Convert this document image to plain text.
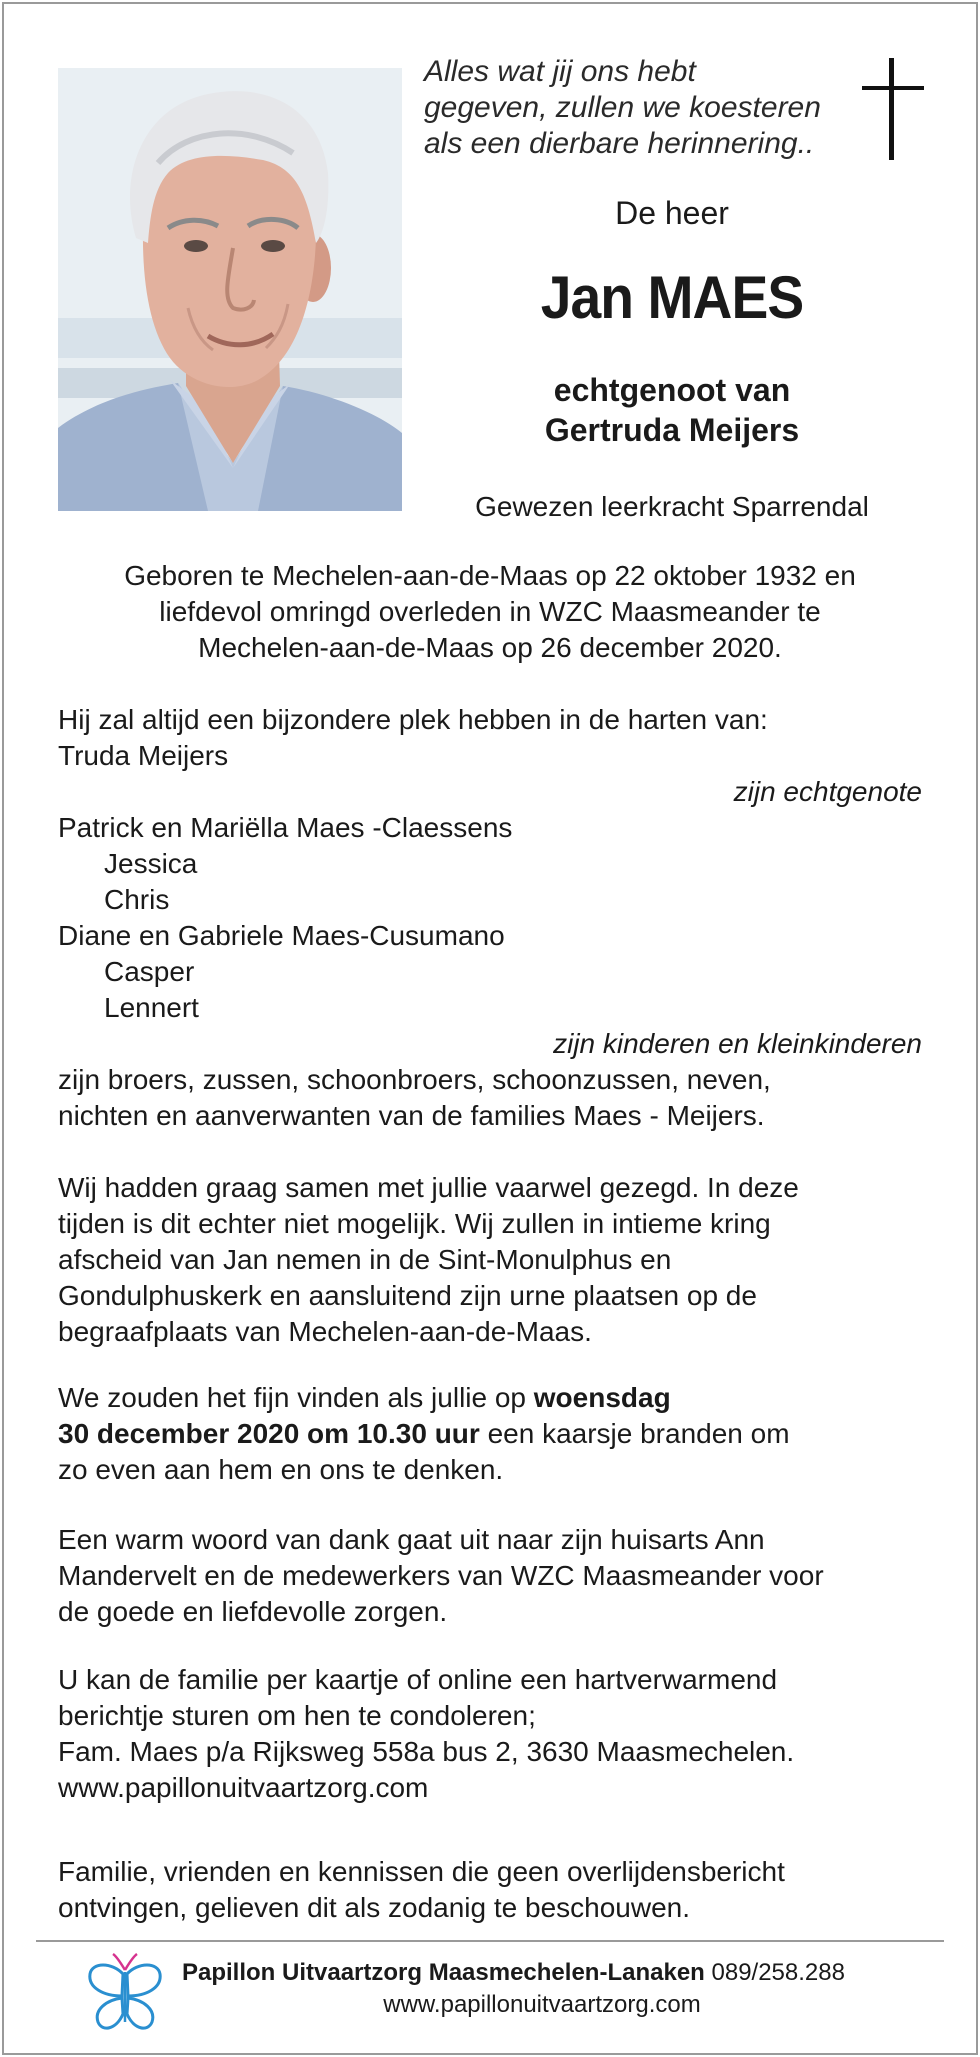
Alles wat jij ons hebt
gegeven, zullen we koesteren
als een dierbare herinnering..
De heer
Jan MAES
echtgenoot van
Gertruda Meijers
Gewezen leerkracht Sparrendal
Geboren te Mechelen-aan-de-Maas op 22 oktober 1932 en
liefdevol omringd overleden in WZC Maasmeander te
Mechelen-aan-de-Maas op 26 december 2020.
Hij zal altijd een bijzondere plek hebben in de harten van:
Truda Meijers
zijn echtgenote
Patrick en Mariëlla Maes -Claessens
Jessica
Chris
Diane en Gabriele Maes-Cusumano
Casper
Lennert
zijn kinderen en kleinkinderen
zijn broers, zussen, schoonbroers, schoonzussen, neven,
nichten en aanverwanten van de families Maes - Meijers.
Wij hadden graag samen met jullie vaarwel gezegd. In deze
tijden is dit echter niet mogelijk. Wij zullen in intieme kring
afscheid van Jan nemen in de Sint-Monulphus en
Gondulphuskerk en aansluitend zijn urne plaatsen op de
begraafplaats van Mechelen-aan-de-Maas.
We zouden het fijn vinden als jullie op woensdag
30 december 2020 om 10.30 uur een kaarsje branden om
zo even aan hem en ons te denken.
Een warm woord van dank gaat uit naar zijn huisarts Ann
Mandervelt en de medewerkers van WZC Maasmeander voor
de goede en liefdevolle zorgen.
U kan de familie per kaartje of online een hartverwarmend
berichtje sturen om hen te condoleren;
Fam. Maes p/a Rijksweg 558a bus 2, 3630 Maasmechelen.
www.papillonuitvaartzorg.com
Familie, vrienden en kennissen die geen overlijdensbericht
ontvingen, gelieven dit als zodanig te beschouwen.
Papillon Uitvaartzorg Maasmechelen-Lanaken 089/258.288
www.papillonuitvaartzorg.com
